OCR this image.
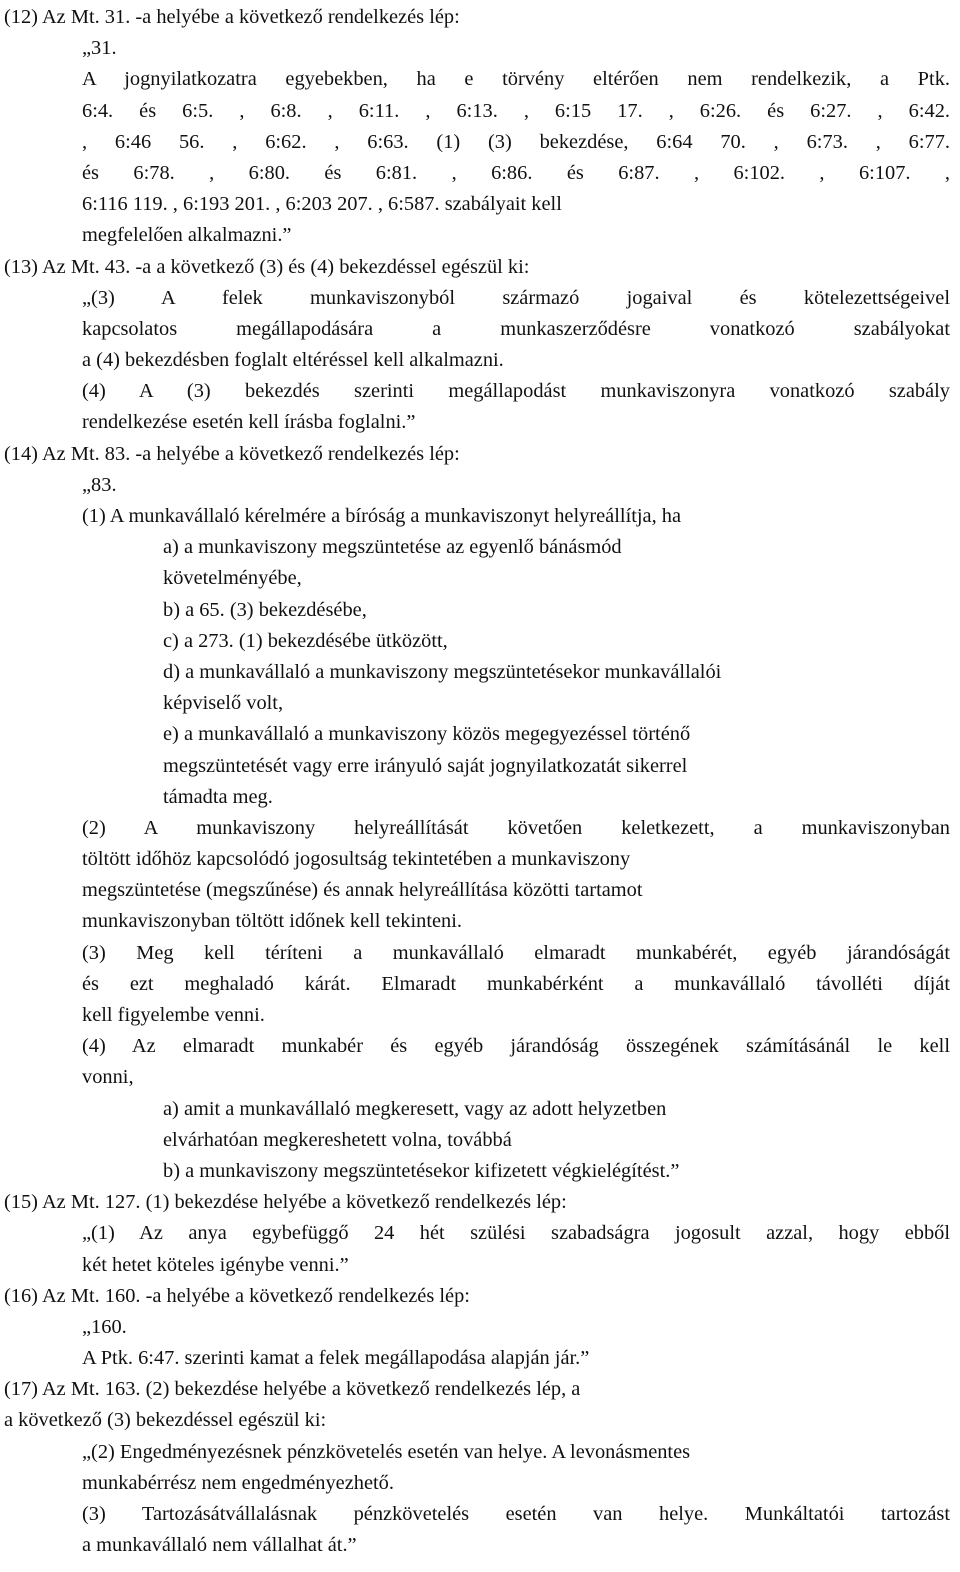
(12) Az Mt. 31. -a helyébe a következő rendelkezés lép:
„31.
A jognyilatkozatra egyebekben, ha e törvény eltérően nem rendelkezik, a Ptk.
6:4. és 6:5. , 6:8. , 6:11. , 6:13. , 6:15 17. , 6:26. és 6:27. , 6:42.
, 6:46 56. , 6:62. , 6:63. (1) (3) bekezdése, 6:64 70. , 6:73. , 6:77.
és 6:78. , 6:80. és 6:81. , 6:86. és 6:87. , 6:102. , 6:107. ,
6:116 119. , 6:193 201. , 6:203 207. , 6:587. szabályait kell
megfelelően alkalmazni.”
(13) Az Mt. 43. -a a következő (3) és (4) bekezdéssel egészül ki:
„(3) A felek munkaviszonyból származó jogaival és kötelezettségeivel
kapcsolatos megállapodására a munkaszerződésre vonatkozó szabályokat
a (4) bekezdésben foglalt eltéréssel kell alkalmazni.
(4) A (3) bekezdés szerinti megállapodást munkaviszonyra vonatkozó szabály
rendelkezése esetén kell írásba foglalni.”
(14) Az Mt. 83. -a helyébe a következő rendelkezés lép:
„83.
(1) A munkavállaló kérelmére a bíróság a munkaviszonyt helyreállítja, ha
a) a munkaviszony megszüntetése az egyenlő bánásmód
követelményébe,
b) a 65. (3) bekezdésébe,
c) a 273. (1) bekezdésébe ütközött,
d) a munkavállaló a munkaviszony megszüntetésekor munkavállalói
képviselő volt,
e) a munkavállaló a munkaviszony közös megegyezéssel történő
megszüntetését vagy erre irányuló saját jognyilatkozatát sikerrel
támadta meg.
(2) A munkaviszony helyreállítását követően keletkezett, a munkaviszonyban
töltött időhöz kapcsolódó jogosultság tekintetében a munkaviszony
megszüntetése (megszűnése) és annak helyreállítása közötti tartamot
munkaviszonyban töltött időnek kell tekinteni.
(3) Meg kell téríteni a munkavállaló elmaradt munkabérét, egyéb járandóságát
és ezt meghaladó kárát. Elmaradt munkabérként a munkavállaló távolléti díját
kell figyelembe venni.
(4) Az elmaradt munkabér és egyéb járandóság összegének számításánál le kell
vonni,
a) amit a munkavállaló megkeresett, vagy az adott helyzetben
elvárhatóan megkereshetett volna, továbbá
b) a munkaviszony megszüntetésekor kifizetett végkielégítést.”
(15) Az Mt. 127. (1) bekezdése helyébe a következő rendelkezés lép:
„(1) Az anya egybefüggő 24 hét szülési szabadságra jogosult azzal, hogy ebből
két hetet köteles igénybe venni.”
(16) Az Mt. 160. -a helyébe a következő rendelkezés lép:
„160.
A Ptk. 6:47. szerinti kamat a felek megállapodása alapján jár.”
(17) Az Mt. 163. (2) bekezdése helyébe a következő rendelkezés lép, a
a következő (3) bekezdéssel egészül ki:
„(2) Engedményezésnek pénzkövetelés esetén van helye. A levonásmentes
munkabérrész nem engedményezhető.
(3) Tartozásátvállalásnak pénzkövetelés esetén van helye. Munkáltatói tartozást
a munkavállaló nem vállalhat át.”
